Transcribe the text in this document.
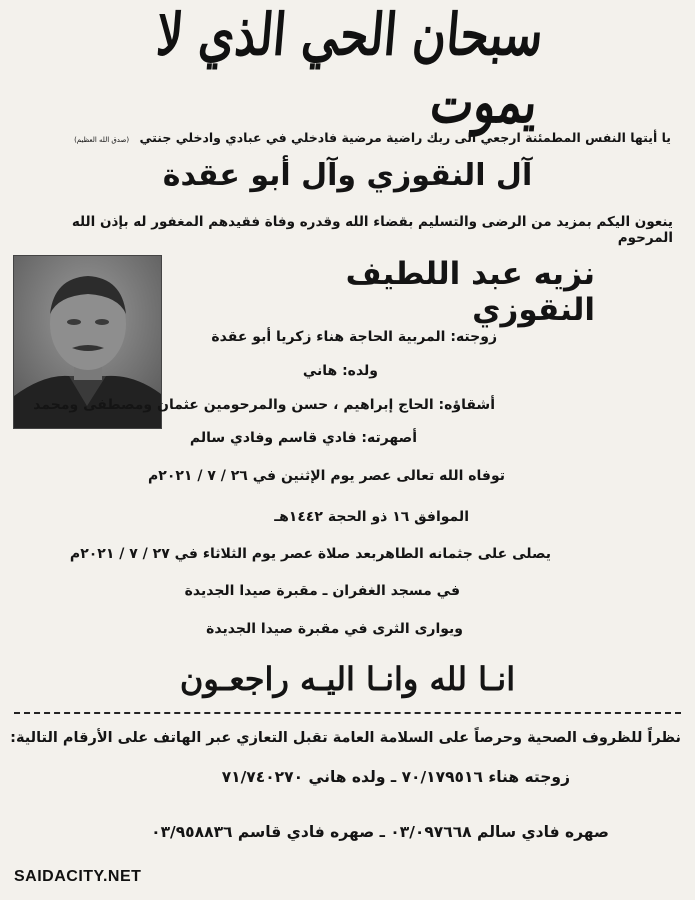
سبحان الحي الذي لا يموت
يا أيتها النفس المطمئنة ارجعي الى ربك راضية مرضية فادخلي في عبادي وادخلي جنتي (صدق الله العظيم)
آل النقوزي وآل أبو عقدة
ينعون اليكم بمزيد من الرضى والتسليم بقضاء الله وقدره وفاة فقيدهم المغفور له بإذن الله المرحوم
نزيه عبد اللطيف النقوزي
زوجته: المربية الحاجة هناء زكريا أبو عقدة
ولده: هاني
أشقاؤه: الحاج إبراهيم ، حسن والمرحومين عثمان ومصطفى ومحمد
أصهرته: فادي قاسم وفادي سالم
توفاه الله تعالى عصر يوم الإثنين في ٢٦ / ٧ / ٢٠٢١م
الموافق ١٦ ذو الحجة ١٤٤٢هـ
يصلى على جثمانه الطاهربعد صلاة عصر يوم الثلاثاء في ٢٧ / ٧ / ٢٠٢١م
في مسجد الغفران ـ مقبرة صيدا الجديدة
ويوارى الثرى في مقبرة صيدا الجديدة
انـا لله وانـا اليـه راجعـون
نظراً للظروف الصحية وحرصاً على السلامة العامة تقبل التعازي عبر الهاتف على الأرقام التالية:
زوجته هناء ٧٠/١٧٩٥١٦ ـ ولده هاني ٧١/٧٤٠٢٧٠
صهره فادي سالم ٠٣/٠٩٧٦٦٨ ـ صهره فادي قاسم ٠٣/٩٥٨٨٣٦
SAIDACITY.NET
